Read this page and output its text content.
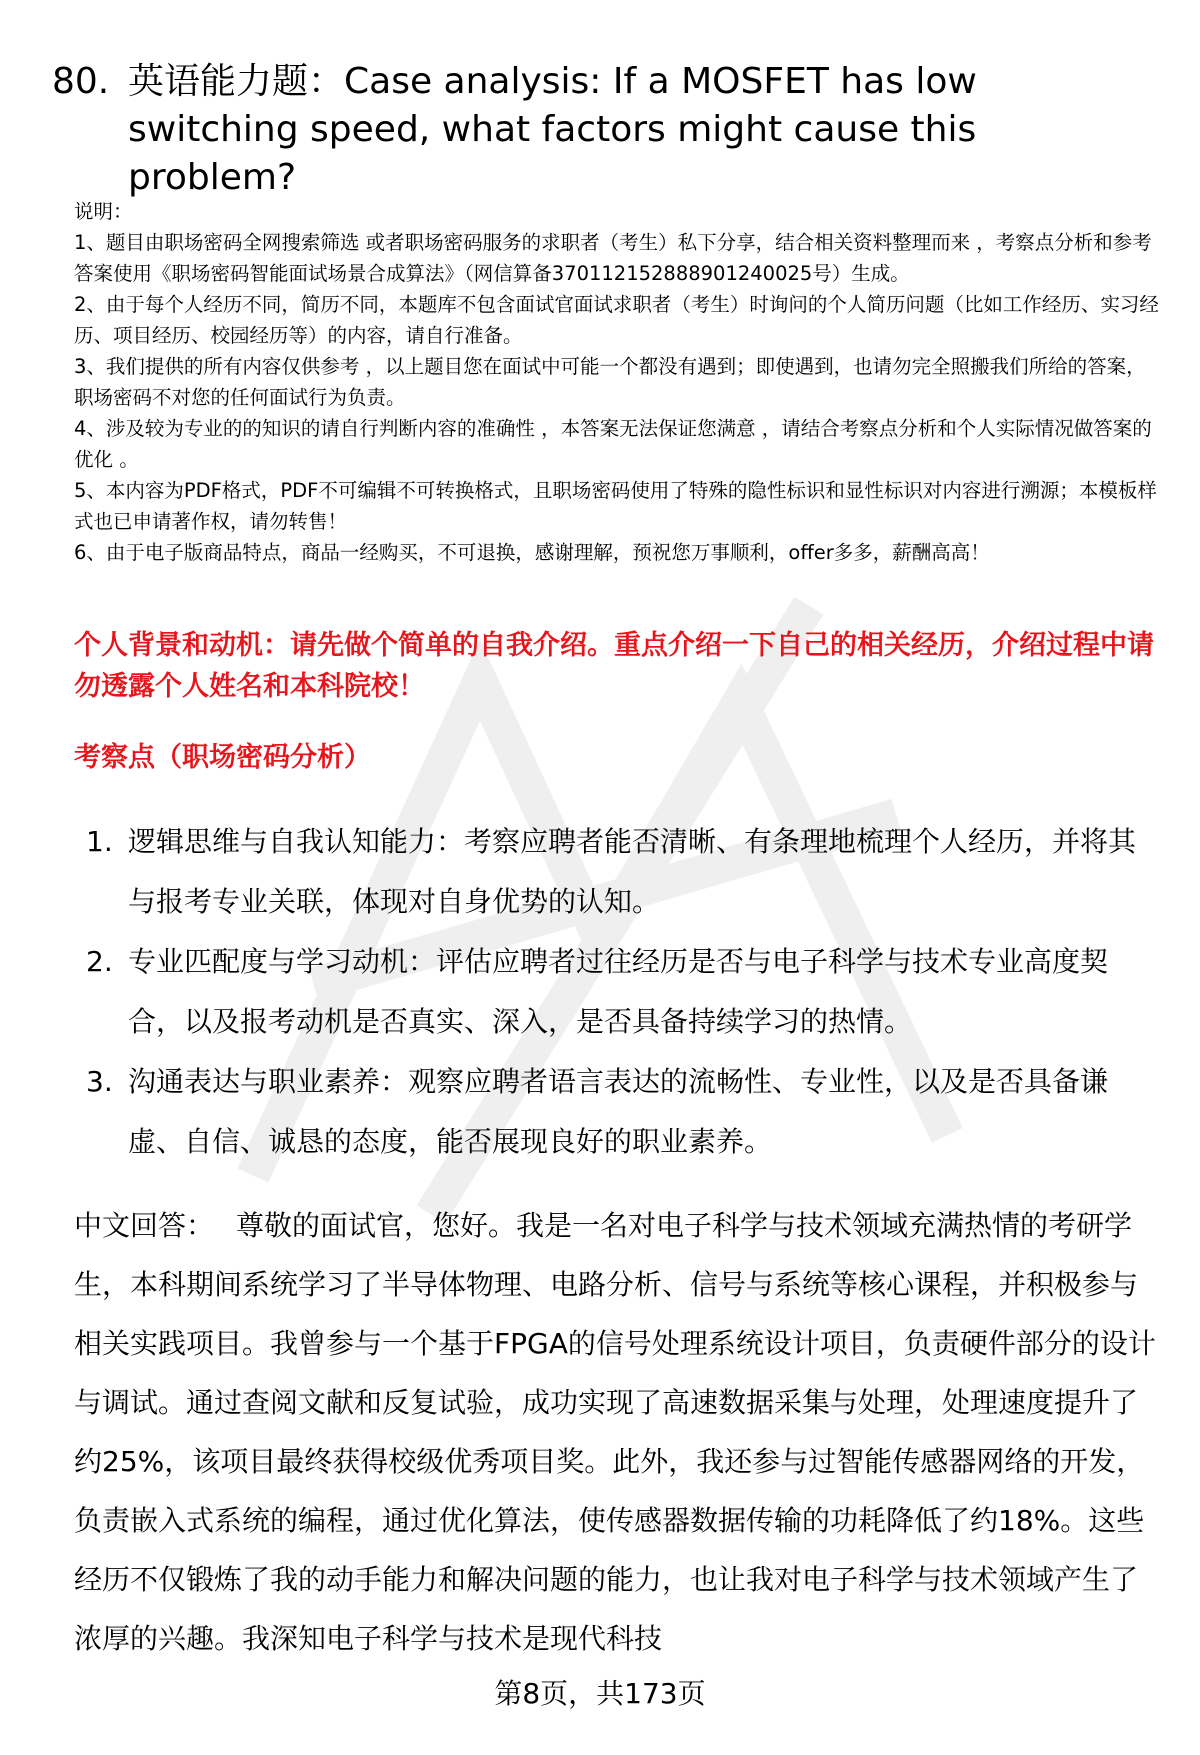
80. 英语能力题：Case analysis: If a MOSFET has low switching speed, what factors might cause this problem?
说明：
1、题目由职场密码全网搜索筛选 或者职场密码服务的求职者（考生）私下分享，结合相关资料整理而来 ，考察点分析和参考答案使用《职场密码智能面试场景合成算法》（网信算备370112152888901240025号）生成。
2、由于每个人经历不同，简历不同，本题库不包含面试官面试求职者（考生）时询问的个人简历问题（比如工作经历、实习经历、项目经历、校园经历等）的内容，请自行准备。
3、我们提供的所有内容仅供参考 ，以上题目您在面试中可能一个都没有遇到；即使遇到，也请勿完全照搬我们所给的答案，职场密码不对您的任何面试行为负责。
4、涉及较为专业的的知识的请自行判断内容的准确性 ，本答案无法保证您满意 ，请结合考察点分析和个人实际情况做答案的优化 。
5、本内容为PDF格式，PDF不可编辑不可转换格式，且职场密码使用了特殊的隐性标识和显性标识对内容进行溯源；本模板样式也已申请著作权，请勿转售！
6、由于电子版商品特点，商品一经购买，不可退换，感谢理解，预祝您万事顺利，offer多多，薪酬高高！
个人背景和动机：请先做个简单的自我介绍。重点介绍一下自己的相关经历，介绍过程中请勿透露个人姓名和本科院校！
考察点（职场密码分析）
1. 逻辑思维与自我认知能力：考察应聘者能否清晰、有条理地梳理个人经历，并将其与报考专业关联，体现对自身优势的认知。
2. 专业匹配度与学习动机：评估应聘者过往经历是否与电子科学与技术专业高度契合，以及报考动机是否真实、深入，是否具备持续学习的热情。
3. 沟通表达与职业素养：观察应聘者语言表达的流畅性、专业性，以及是否具备谦虚、自信、诚恳的态度，能否展现良好的职业素养。
中文回答： 尊敬的面试官，您好。我是一名对电子科学与技术领域充满热情的考研学生，本科期间系统学习了半导体物理、电路分析、信号与系统等核心课程，并积极参与相关实践项目。我曾参与一个基于FPGA的信号处理系统设计项目，负责硬件部分的设计与调试。通过查阅文献和反复试验，成功实现了高速数据采集与处理，处理速度提升了约25%，该项目最终获得校级优秀项目奖。此外，我还参与过智能传感器网络的开发，负责嵌入式系统的编程，通过优化算法，使传感器数据传输的功耗降低了约18%。这些经历不仅锻炼了我的动手能力和解决问题的能力，也让我对电子科学与技术领域产生了浓厚的兴趣。我深知电子科学与技术是现代科技
第8页，共173页
